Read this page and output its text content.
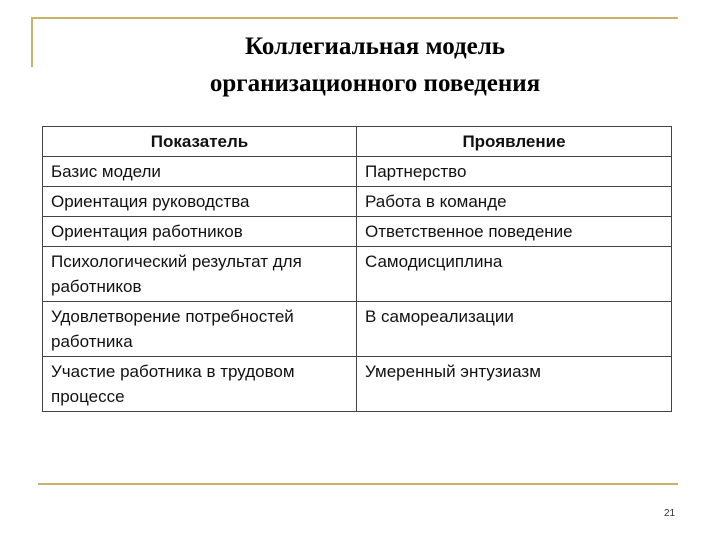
Коллегиальная модель
организационного поведения
Показатель	Проявление
Базис модели	Партнерство
Ориентация руководства	Работа в команде
Ориентация работников	Ответственное поведение
Психологический результат для работников	Самодисциплина
Удовлетворение потребностей работника	В самореализации
Участие работника в трудовом процессе	Умеренный энтузиазм
21
